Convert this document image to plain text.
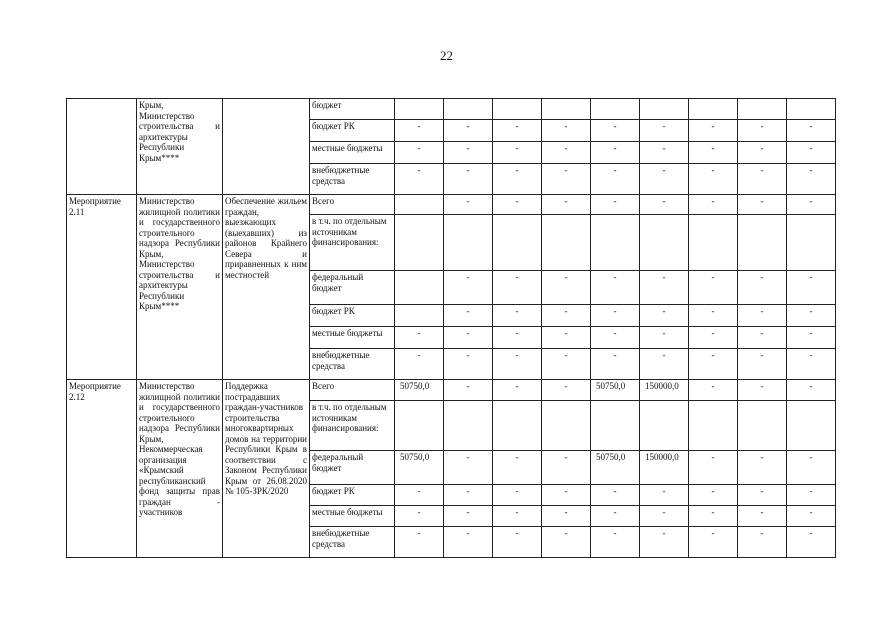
22
	Крым, Министерство строительства и архитектуры Республики Крым****		бюджет									
			бюджет РК	-	-	-	-	-	-	-	-	-
			местные бюджеты	-	-	-	-	-	-	-	-	-
			внебюджетные средства	-	-	-	-	-	-	-	-	-
Мероприятие 2.11	Министерство жилищной политики и государственного строительного надзора Республики Крым, Министерство строительства и архитектуры Республики Крым****	Обеспечение жильем граждан, выезжающих (выехавших) из районов Крайнего Севера и приравненных к ним местностей	Всего		-	-	-	-	-	-	-	-
			в т.ч. по отдельным источникам финансирования:									
			федеральный бюджет		-	-	-	-	-	-	-	-
			бюджет РК		-	-	-	-	-	-	-	-
			местные бюджеты	-	-	-	-	-	-	-	-	-
			внебюджетные средства	-	-	-	-	-	-	-	-	-
Мероприятие 2.12	Министерство жилищной политики и государственного строительного надзора Республики Крым, Некоммерческая организация «Крымский республиканский фонд защиты прав граждан - участников	Поддержка пострадавших граждан-участников строительства многоквартирных домов на территории Республики Крым в соответствии с Законом Республики Крым от 26.08.2020 № 105-ЗРК/2020	Всего	50750,0	-	-	-	50750,0	150000,0	-	-	-
			в т.ч. по отдельным источникам финансирования:									
			федеральный бюджет	50750,0	-	-	-	50750,0	150000,0	-	-	-
			бюджет РК	-	-	-	-	-	-	-	-	-
			местные бюджеты	-	-	-	-	-	-	-	-	-
			внебюджетные средства	-	-	-	-	-	-	-	-	-
